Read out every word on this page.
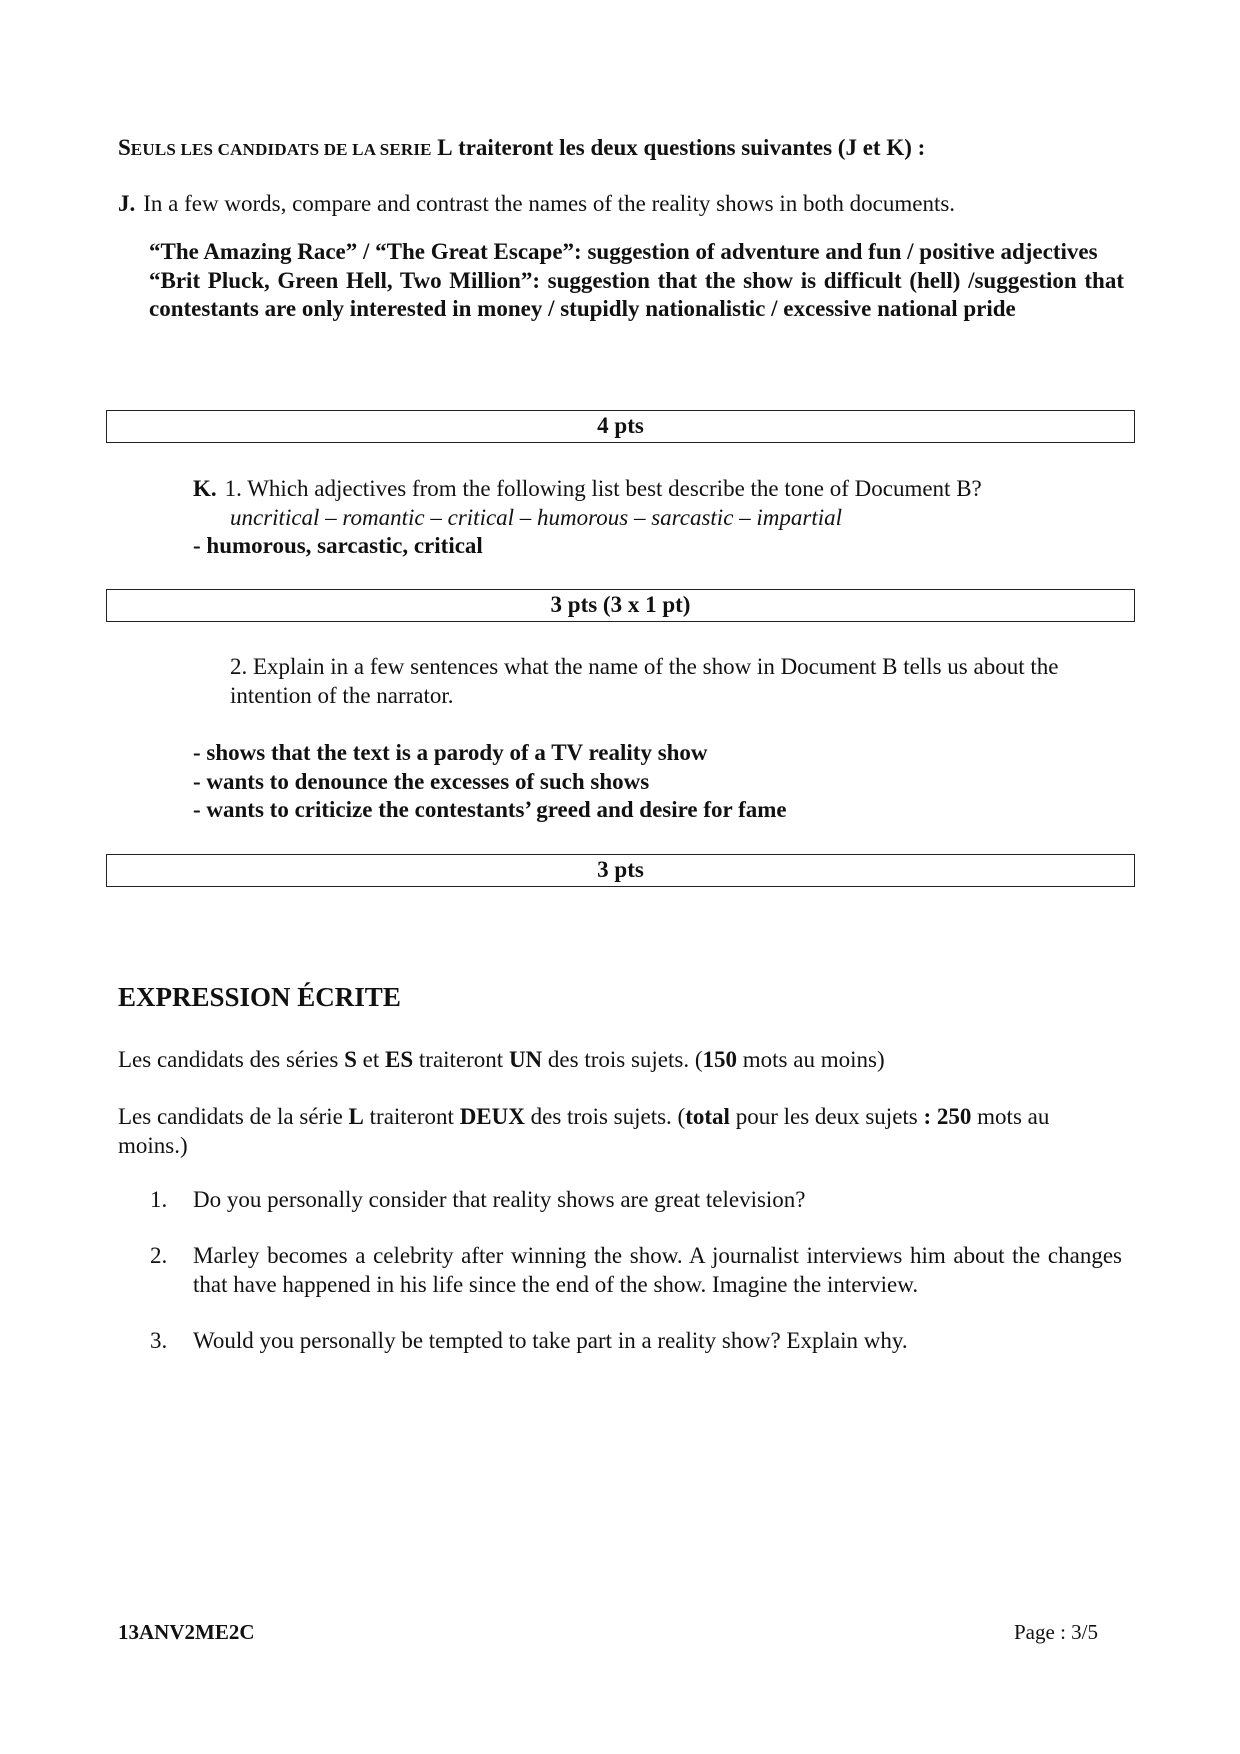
SEULS LES CANDIDATS DE LA SERIE L traiteront les deux questions suivantes (J et K) :
J. In a few words, compare and contrast the names of the reality shows in both documents.

“The Amazing Race” / “The Great Escape”: suggestion of adventure and fun / positive adjectives

“Brit Pluck, Green Hell, Two Million”: suggestion that the show is difficult (hell) /suggestion that contestants are only interested in money / stupidly nationalistic / excessive national pride

4 pts
K. 1. Which adjectives from the following list best describe the tone of Document B?
uncritical – romantic – critical – humorous – sarcastic – impartial
- humorous, sarcastic, critical
3 pts (3 x 1 pt)
2. Explain in a few sentences what the name of the show in Document B tells us about the intention of the narrator.
- shows that the text is a parody of a TV reality show
- wants to denounce the excesses of such shows
- wants to criticize the contestants’ greed and desire for fame
3 pts
EXPRESSION ÉCRITE
Les candidats des séries S et ES traiteront UN des trois sujets. (150 mots au moins)
Les candidats de la série L traiteront DEUX des trois sujets. (total pour les deux sujets : 250 mots au moins.)
1.	Do you personally consider that reality shows are great television?
2.	Marley becomes a celebrity after winning the show. A journalist interviews him about the changes that have happened in his life since the end of the show. Imagine the interview.
3.	Would you personally be tempted to take part in a reality show? Explain why.
13ANV2ME2C	Page : 3/5
